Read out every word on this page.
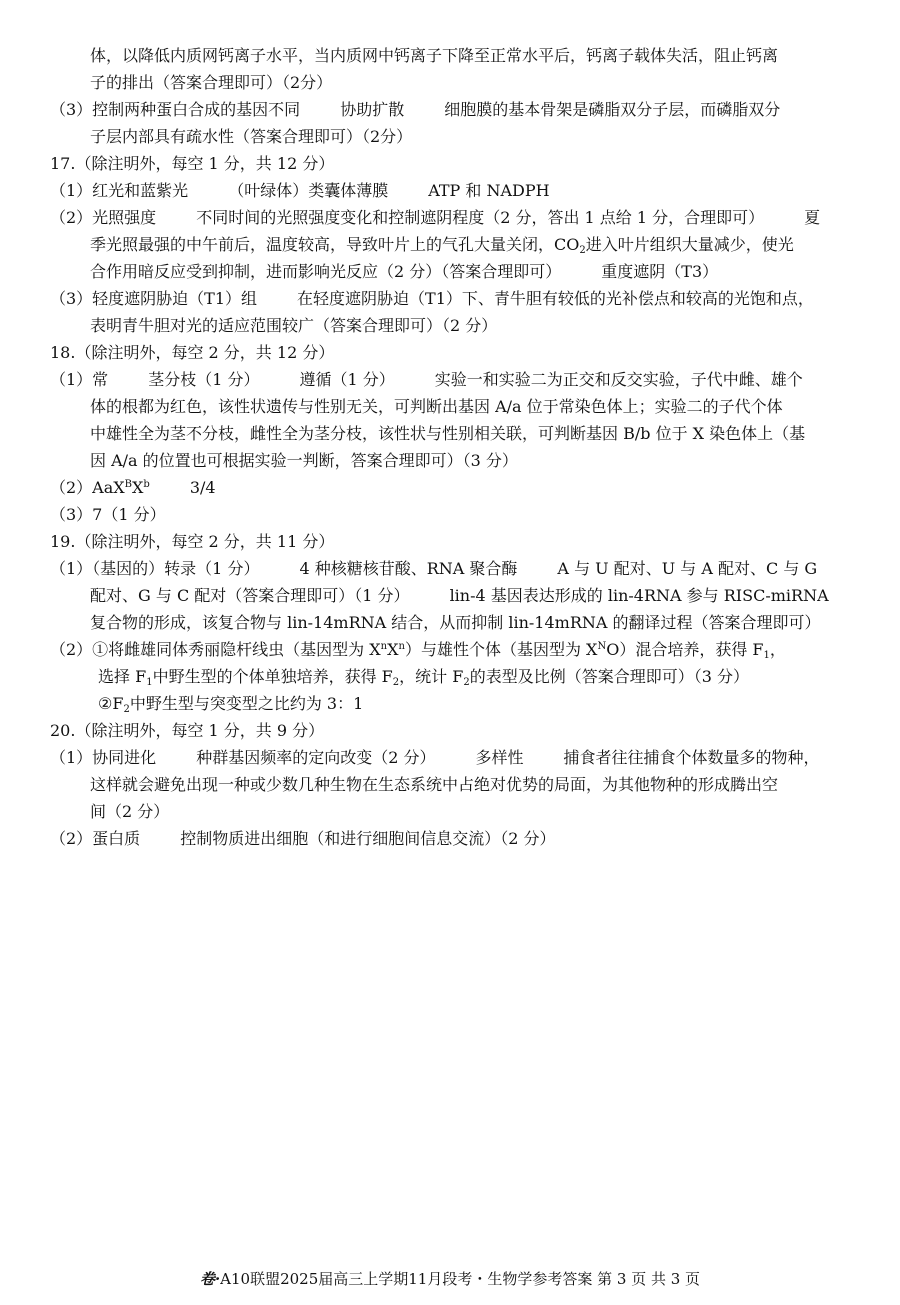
体，以降低内质网钙离子水平，当内质网中钙离子下降至正常水平后，钙离子载体失活，阻止钙离
子的排出（答案合理即可）（2分）
（3）控制两种蛋白合成的基因不同	协助扩散	细胞膜的基本骨架是磷脂双分子层，而磷脂双分
子层内部具有疏水性（答案合理即可）（2分）
17.（除注明外，每空 1 分，共 12 分）
（1）红光和蓝紫光	（叶绿体）类囊体薄膜	ATP 和 NADPH
（2）光照强度	不同时间的光照强度变化和控制遮阴程度（2 分，答出 1 点给 1 分，合理即可）	夏
季光照最强的中午前后，温度较高，导致叶片上的气孔大量关闭，$CO_2$进入叶片组织大量减少，使光
合作用暗反应受到抑制，进而影响光反应（2 分）（答案合理即可）	重度遮阴（T3）
（3）轻度遮阴胁迫（T1）组	在轻度遮阴胁迫（T1）下、青牛胆有较低的光补偿点和较高的光饱和点，
表明青牛胆对光的适应范围较广（答案合理即可）（2 分）
18.（除注明外，每空 2 分，共 12 分）
（1）常	茎分枝（1 分）	遵循（1 分）	实验一和实验二为正交和反交实验，子代中雌、雄个
体的根都为红色，该性状遗传与性别无关，可判断出基因 A/a 位于常染色体上；实验二的子代个体
中雄性全为茎不分枝，雌性全为茎分枝，该性状与性别相关联，可判断基因 B/b 位于 X 染色体上（基
因 A/a 的位置也可根据实验一判断，答案合理即可）（3 分）
$(2)AaX^BX^b$	3/4
（3）7（1 分）
19.（除注明外，每空 2 分，共 11 分）
（1）（基因的）转录（1 分）	4 种核糖核苷酸、RNA 聚合酶	A 与 U 配对、U 与 A 配对、C 与 G
配对、G 与 C 配对（答案合理即可）（1 分）	lin-4 基因表达形成的 lin-4RNA 参与 RISC-miRNA
复合物的形成，该复合物与 lin-14mRNA 结合，从而抑制 lin-14mRNA 的翻译过程（答案合理即可）
（2）①将雌雄同体秀丽隐杆线虫（基因型为 $X^nX^n$）与雄性个体（基因型为 $X^NO$）混合培养，获得 $F_1$，
选择 $F_1$中野生型的个体单独培养，获得 $F_2$，统计 $F_2$的表型及比例（答案合理即可）（3 分）
$②F_2$中野生型与突变型之比约为 3：1
20.（除注明外，每空 1 分，共 9 分）
（1）协同进化	种群基因频率的定向改变（2 分）	多样性	捕食者往往捕食个体数量多的物种，
这样就会避免出现一种或少数几种生物在生态系统中占绝对优势的局面，为其他物种的形成腾出空
间（2 分）
（2）蛋白质	控制物质进出细胞（和进行细胞间信息交流）（2 分）
卷·A10联盟2025届高三上学期11月段考・生物学参考答案 第 3 页 共 3 页
